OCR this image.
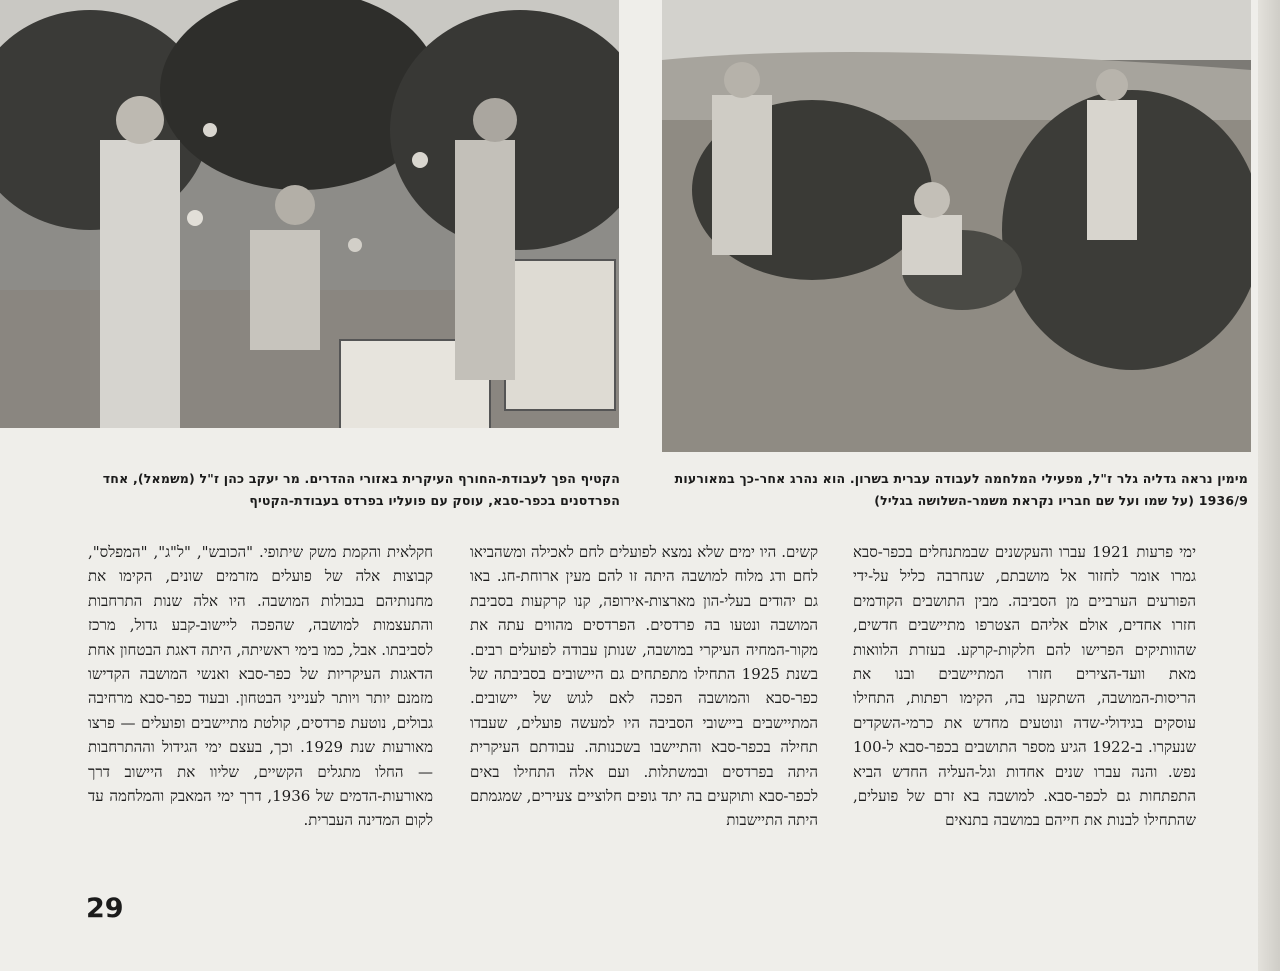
הקטיף הפך לעבודת-החורף העיקרית באזורי ההדרים. מר יעקב כהן ז"ל (משמאל), אחד הפרדסנים בכפר-סבא, עוסק עם פועליו בפרדס בעבודת-הקטיף
מימין נראה גדליה גלר ז"ל, מפעילי המלחמה לעבודה עברית בשרון. הוא נהרג אחר-כך במאורעות 1936/9 (על שמו ועל שם חבריו נקראת משמר-השלושה בגליל)
ימי פרעות 1921 עברו והעקשנים שבמתנחלים בכפר-סבא גמרו אומר לחזור אל מושבתם, שנחרבה כליל על-ידי הפורעים הערביים מן הסביבה. מבין התושבים הקודמים חזרו אחדים, אולם אליהם הצטרפו מתיישבים חדשים, שהוותיקים הפרישו להם חלקות-קרקע. בעזרת הלוואות מאת וועד-הצירים חזרו המתיישבים ובנו את הריסות-המושבה, השתקעו בה, הקימו רפתות, התחילו עוסקים בגידולי-שדה ונוטעים מחדש את כרמי-השקדים שנעקרו. ב-1922 הגיע מספר התושבים בכפר-סבא ל-100 נפש. והנה עברו שנים אחדות וגל-העליה החדש הביא התפתחות גם לכפר-סבא. למושבה בא זרם של פועלים, שהתחילו לבנות את חייהם במושבה בתנאים
קשים. היו ימים שלא נמצא לפועלים לחם לאכילה ומשהביאו לחם ודג מלוח למושבה היתה זו להם מעין ארוחת-חג. באו גם יהודים בעלי-הון מארצות-אירופה, קנו קרקעות בסביבת המושבה ונטעו בה פרדסים. הפרדסים מהווים עתה את מקור-המחיה העיקרי במושבה, שנותן עבודה לפועלים רבים. בשנת 1925 התחילו מתפתחים גם היישובים בסביבתה של כפר-סבא והמושבה הפכה לאם לגוש של יישובים. המתיישבים ביישובי הסביבה היו למעשה פועלים, שעבדו תחילה בכפר-סבא והתיישבו בשכנותה. עבודתם העיקרית היתה בפרדסים ובמשתלות. ועם אלה התחילו באים לכפר-סבא ותוקעים בה יתד גופים חלוציים צעירים, שמגמתם היתה התיישבות
חקלאית והקמת משק שיתופי. "הכובש", "ל"ג", "המפלס", קבוצות אלה של פועלים מזרמים שונים, הקימו את מחנותיהם בגבולות המושבה. היו אלה שנות התרחבות והתעצמות למושבה, שהפכה ליישוב-קבע גדול, מרכז לסביבתו. אבל, כמו בימי ראשיתה, היתה דאגת הבטחון אחת הדאגות העיקריות של כפר-סבא ואנשי המושבה הקדישו מזמנם יותר ויותר לענייני הבטחון. ובעוד כפר-סבא מרחיבה גבולים, נוטעת פרדסים, קולטת מתיישבים ופועלים — פרצו מאורעות שנת 1929. וכך, בעצם ימי הגידול וההתרחבות — החלו מתגלים הקשיים, שליוו את היישוב דרך מאורעות-הדמים של 1936, דרך ימי המאבק והמלחמה עד לקום המדינה העברית.
29
